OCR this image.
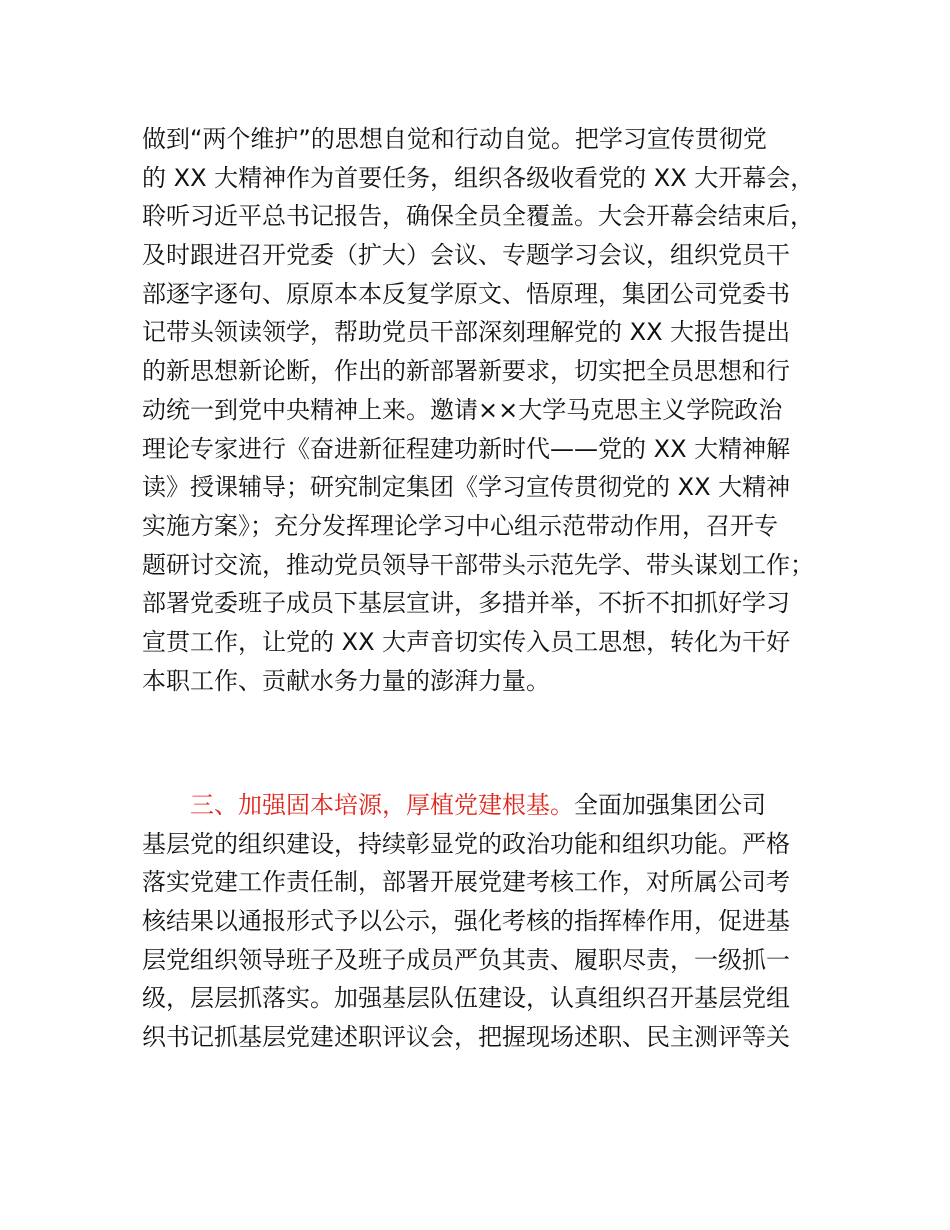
做到“两个维护”的思想自觉和行动自觉。把学习宣传贯彻党
的 XX 大精神作为首要任务，组织各级收看党的 XX 大开幕会，
聆听习近平总书记报告，确保全员全覆盖。大会开幕会结束后，
及时跟进召开党委（扩大）会议、专题学习会议，组织党员干
部逐字逐句、原原本本反复学原文、悟原理，集团公司党委书
记带头领读领学，帮助党员干部深刻理解党的 XX 大报告提出
的新思想新论断，作出的新部署新要求，切实把全员思想和行
动统一到党中央精神上来。邀请××大学马克思主义学院政治
理论专家进行《奋进新征程建功新时代——党的 XX 大精神解
读》授课辅导；研究制定集团《学习宣传贯彻党的 XX 大精神
实施方案》；充分发挥理论学习中心组示范带动作用，召开专
题研讨交流，推动党员领导干部带头示范先学、带头谋划工作；
部署党委班子成员下基层宣讲，多措并举，不折不扣抓好学习
宣贯工作，让党的 XX 大声音切实传入员工思想，转化为干好
本职工作、贡献水务力量的澎湃力量。
三、加强固本培源，厚植党建根基。全面加强集团公司
基层党的组织建设，持续彰显党的政治功能和组织功能。严格
落实党建工作责任制，部署开展党建考核工作，对所属公司考
核结果以通报形式予以公示，强化考核的指挥棒作用，促进基
层党组织领导班子及班子成员严负其责、履职尽责，一级抓一
级，层层抓落实。加强基层队伍建设，认真组织召开基层党组
织书记抓基层党建述职评议会，把握现场述职、民主测评等关
